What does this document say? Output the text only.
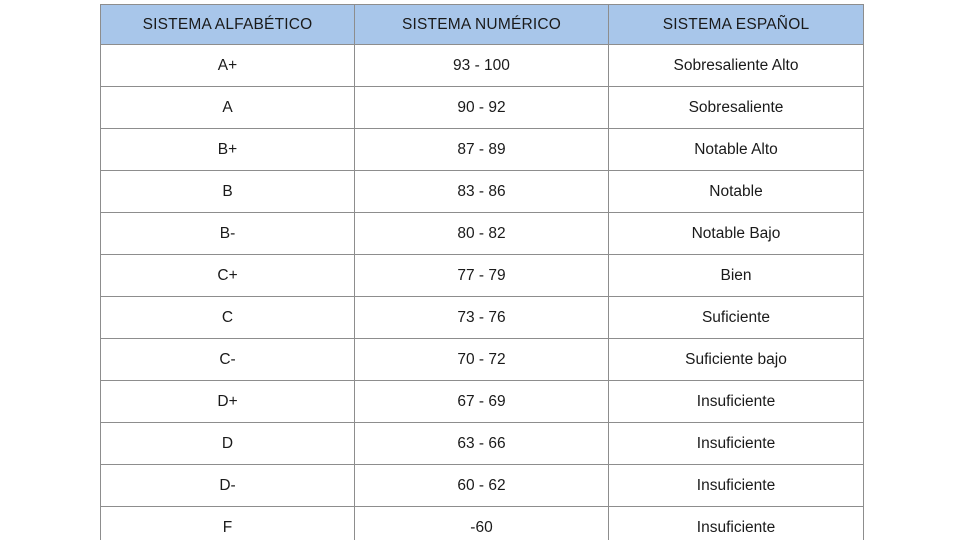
SISTEMA ALFABÉTICO	SISTEMA NUMÉRICO	SISTEMA ESPAÑOL
A+	93 - 100	Sobresaliente Alto
A	90 - 92	Sobresaliente
B+	87 - 89	Notable Alto
B	83 - 86	Notable
B-	80 - 82	Notable Bajo
C+	77 - 79	Bien
C	73 - 76	Suficiente
C-	70 - 72	Suficiente bajo
D+	67 - 69	Insuficiente
D	63 - 66	Insuficiente
D-	60 - 62	Insuficiente
F	-60	Insuficiente
